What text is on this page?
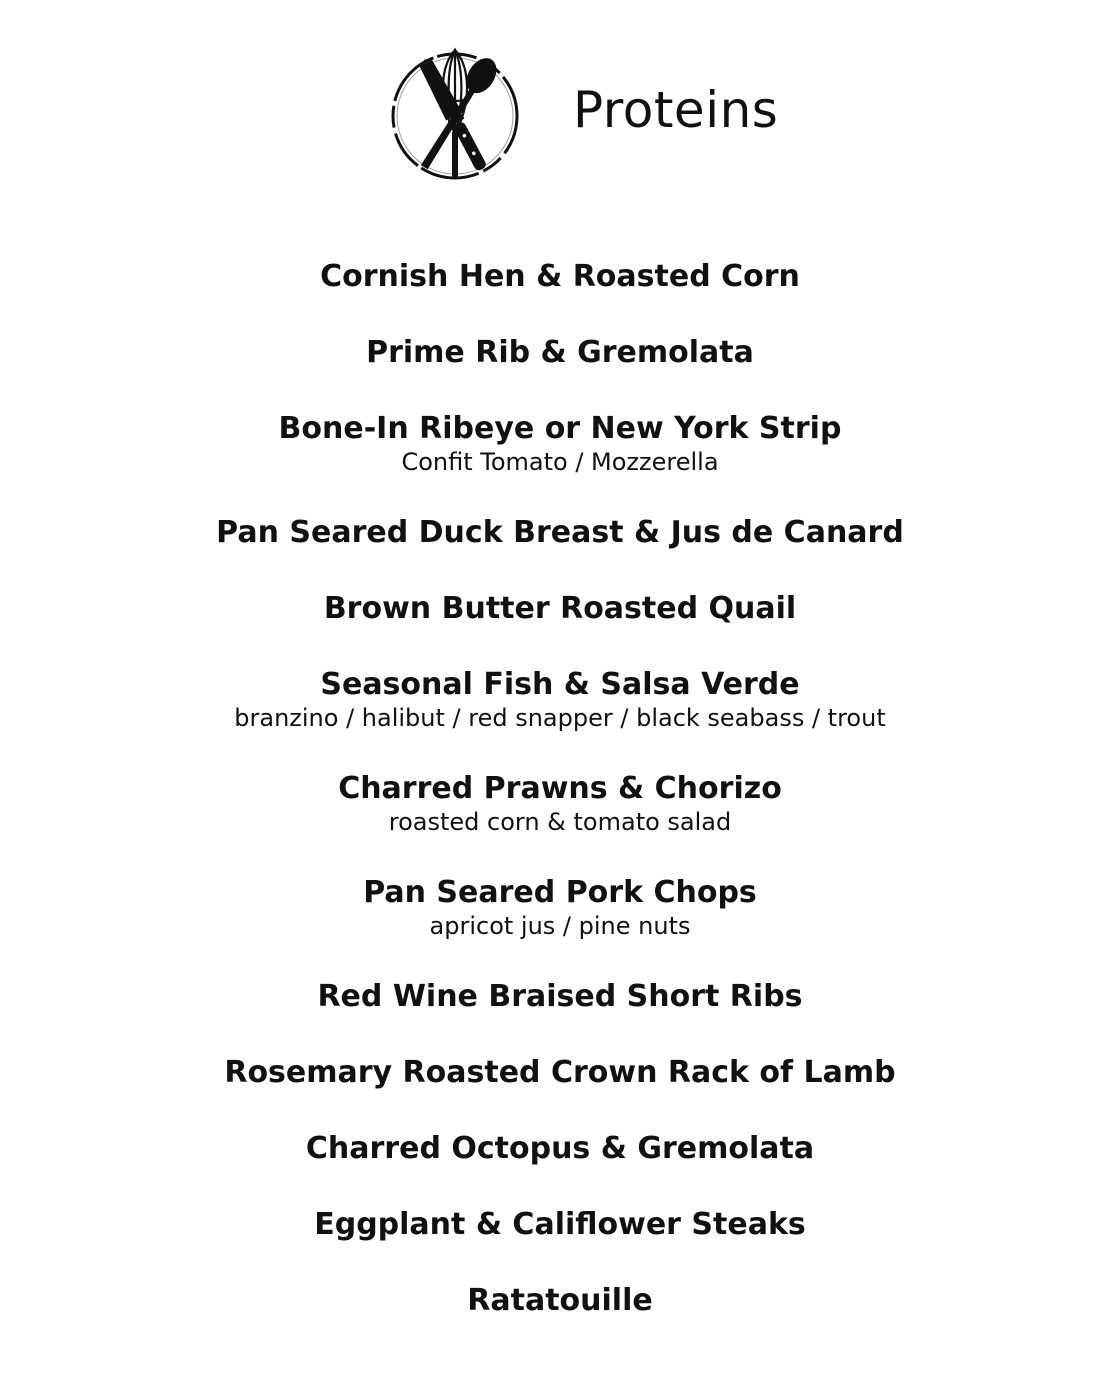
Proteins
Cornish Hen & Roasted Corn
Prime Rib & Gremolata
Bone-In Ribeye or New York Strip
Confit Tomato / Mozzerella
Pan Seared Duck Breast & Jus de Canard
Brown Butter Roasted Quail
Seasonal Fish & Salsa Verde
branzino / halibut / red snapper / black seabass / trout
Charred Prawns & Chorizo
roasted corn & tomato salad
Pan Seared Pork Chops
apricot jus / pine nuts
Red Wine Braised Short Ribs
Rosemary Roasted Crown Rack of Lamb
Charred Octopus & Gremolata
Eggplant & Califlower Steaks
Ratatouille
